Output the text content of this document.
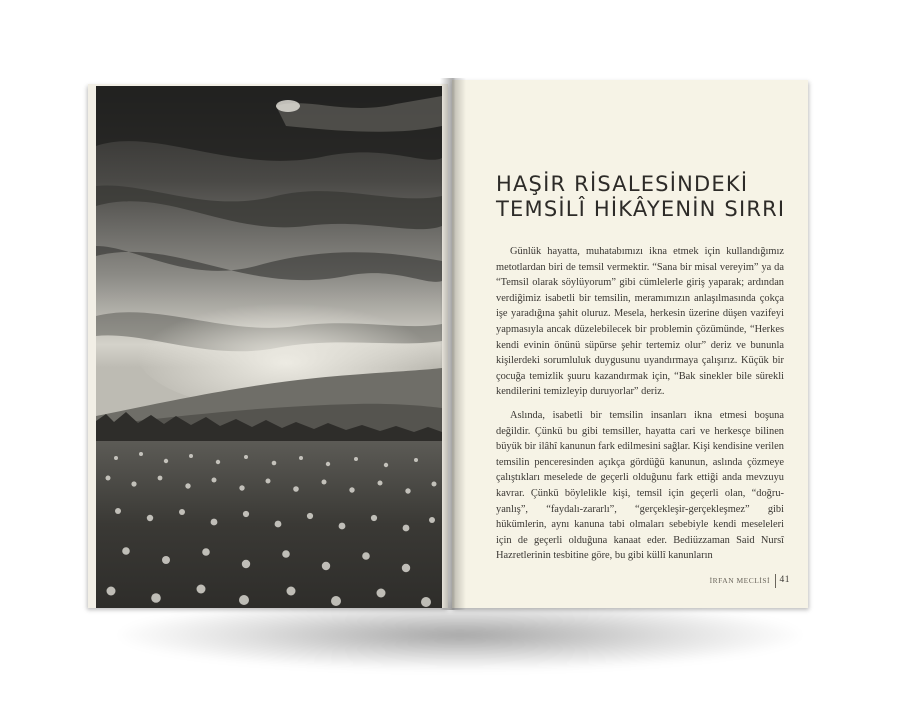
HAŞİR RİSALESİNDEKİ
TEMSİLÎ HİKÂYENİN SIRRI

Günlük hayatta, muhatabımızı ikna etmek için kullandığımız metotlardan biri de temsil vermektir. “Sana bir misal vereyim” ya da “Temsil olarak söylüyorum” gibi cümlelerle giriş yaparak; ardından verdiğimiz isabetli bir temsilin, meramımızın anlaşılmasında çokça işe yaradığına şahit oluruz. Mesela, herkesin üzerine düşen vazifeyi yapmasıyla ancak düzelebilecek bir problemin çözümünde, “Herkes kendi evinin önünü süpürse şehir tertemiz olur” deriz ve bununla kişilerdeki sorumluluk duygusunu uyandırmaya çalışırız. Küçük bir çocuğa temizlik şuuru kazandırmak için, “Bak sinekler bile sürekli kendilerini temizleyip duruyorlar” deriz.

Aslında, isabetli bir temsilin insanları ikna etmesi boşuna değildir. Çünkü bu gibi temsiller, hayatta cari ve herkesçe bilinen büyük bir ilâhî kanunun fark edilmesini sağlar. Kişi kendisine verilen temsilin penceresinden açıkça gördüğü kanunun, aslında çözmeye çalıştıkları meselede de geçerli olduğunu fark ettiği anda mevzuyu kavrar. Çünkü böylelikle kişi, temsil için geçerli olan, “doğru-yanlış”, “faydalı-zararlı”, “gerçekleşir-gerçekleşmez” gibi hükümlerin, aynı kanuna tabi olmaları sebebiyle kendi meseleleri için de geçerli olduğuna kanaat eder. Bediüzzaman Said Nursî Hazretlerinin tesbitine göre, bu gibi küllî kanunların

İRFAN MECLİSİ 41
